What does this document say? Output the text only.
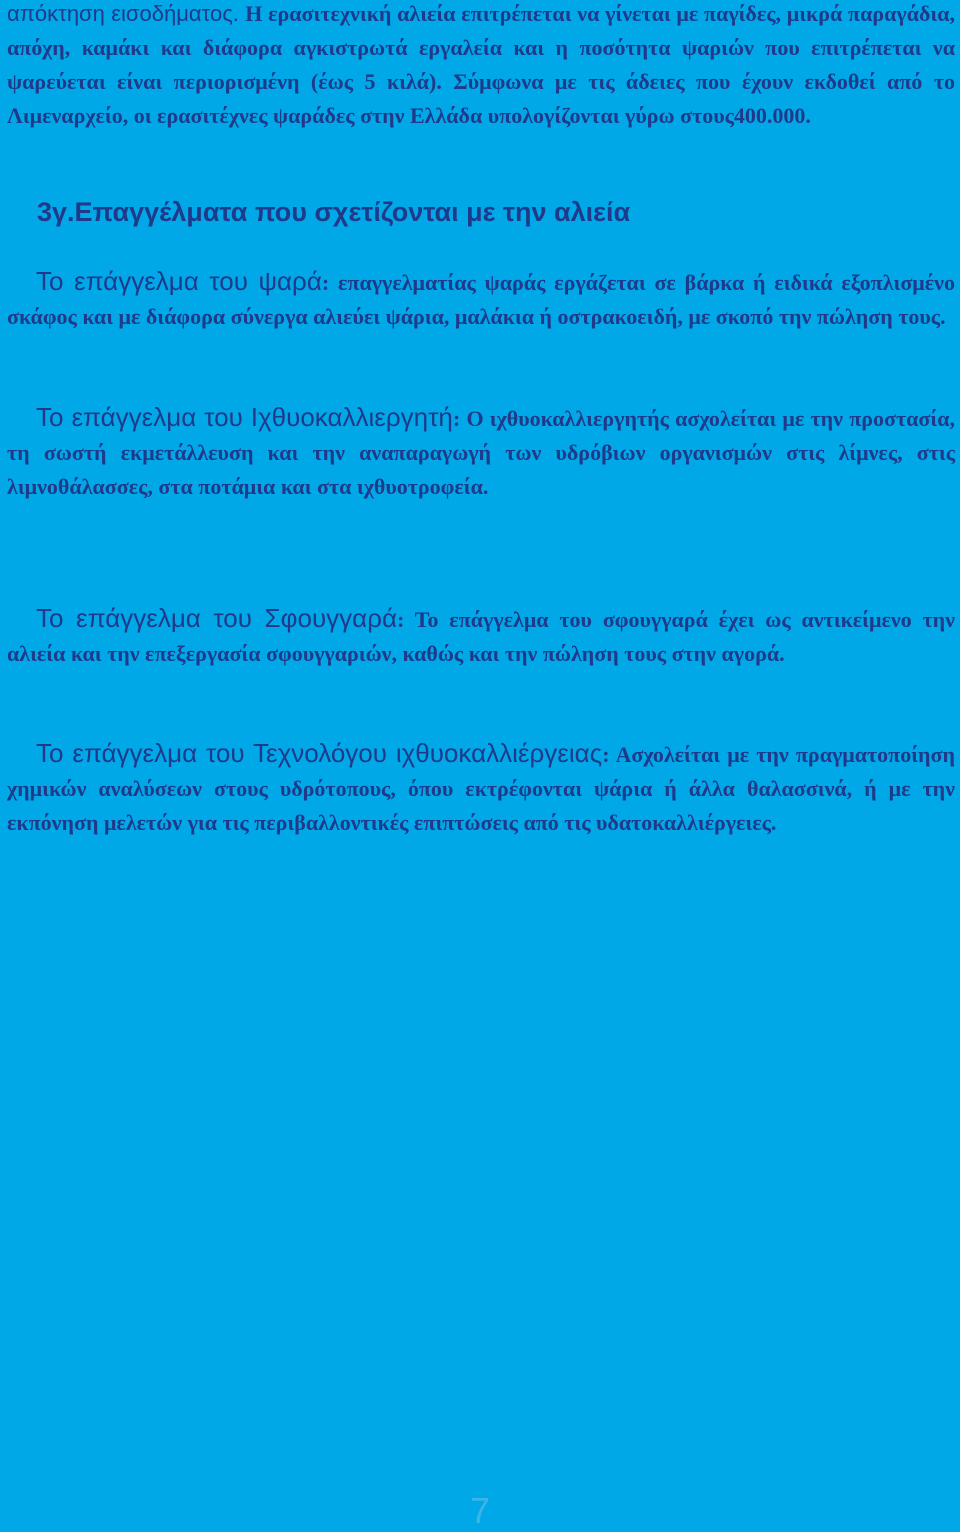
απόκτηση εισοδήματος. Η ερασιτεχνική αλιεία επιτρέπεται να γίνεται με παγίδες, μικρά παραγάδια, απόχη, καμάκι και διάφορα αγκιστρωτά εργαλεία και η ποσότητα ψαριών που επιτρέπεται να ψαρεύεται είναι περιορισμένη (έως 5 κιλά). Σύμφωνα με τις άδειες που έχουν εκδοθεί από το Λιμεναρχείο, οι ερασιτέχνες ψαράδες στην Ελλάδα υπολογίζονται γύρω στους400.000.

3γ.Επαγγέλματα που σχετίζονται με την αλιεία

Το επάγγελμα του ψαρά: επαγγελματίας ψαράς εργάζεται σε βάρκα ή ειδικά εξοπλισμένο σκάφος και με διάφορα σύνεργα αλιεύει ψάρια, μαλάκια ή οστρακοειδή, με σκοπό την πώληση τους.

Το επάγγελμα του Ιχθυοκαλλιεργητή: Ο ιχθυοκαλλιεργητής ασχολείται με την προστασία, τη σωστή εκμετάλλευση και την αναπαραγωγή των υδρόβιων οργανισμών στις λίμνες, στις λιμνοθάλασσες, στα ποτάμια και στα ιχθυοτροφεία.

Το επάγγελμα του Σφουγγαρά: Το επάγγελμα του σφουγγαρά έχει ως αντικείμενο την αλιεία και την επεξεργασία σφουγγαριών, καθώς και την πώληση τους στην αγορά.

Το επάγγελμα του Τεχνολόγου ιχθυοκαλλιέργειας: Ασχολείται με την πραγματοποίηση χημικών αναλύσεων στους υδρότοπους, όπου εκτρέφονται ψάρια ή άλλα θαλασσινά, ή με την εκπόνηση μελετών για τις περιβαλλοντικές επιπτώσεις από τις υδατοκαλλιέργειες.

7
